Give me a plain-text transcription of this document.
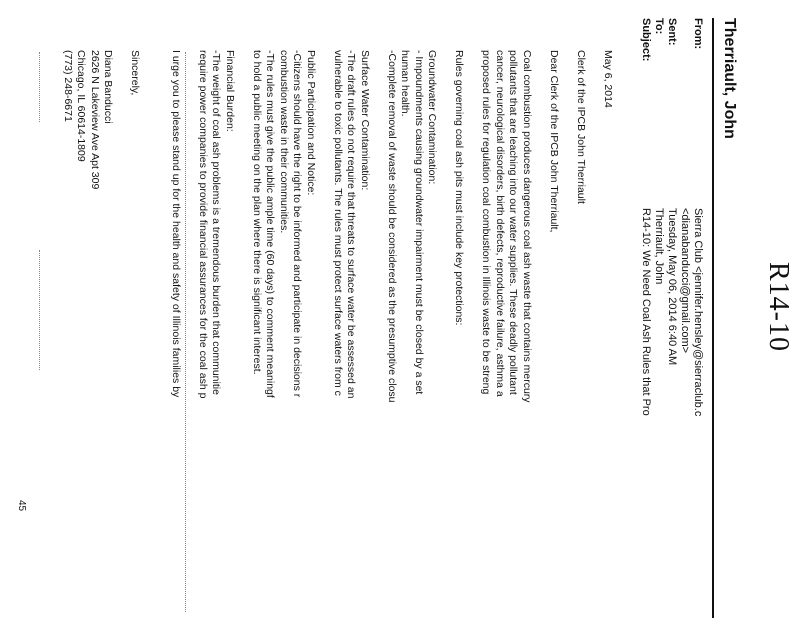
R14-10
Therriault, John
From:
Sierra Club <jennifer.hensley@sierraclub.c
<dianabanducci@gmail.com>
Sent:
Tuesday, May 06, 2014 6:40 AM
To:
Therriault, John
Subject:
R14-10: We Need Coal Ash Rules that Pro
May 6, 2014
Clerk of the IPCB John Therriault
Dear Clerk of the IPCB John Therriault,
Coal combustion produces dangerous coal ash waste that contains mercury
pollutants that are leaching into our water supplies. These deadly pollutant
cancer, neurological disorders, birth defects, reproductive failure, asthma a
proposed rules for regulation coal combustion in Illinois waste to be streng
Rules governing coal ash pits must include key protections:
Groundwater Contamination:
- Impoundments causing groundwater impairment must be closed by a set
human health.
-Complete removal of waste should be considered as the presumptive closu
Surface Water Contamination:
-The draft rules do not require that threats to surface water be assessed an
vulnerable to toxic pollutants. The rules must protect surface waters from c
Public Participation and Notice:
-Citizens should have the right to be informed and participate in decisions r
combustion waste in their communities.
-The rules must give the public ample time (60 days) to comment meaningf
to hold a public meeting on the plan where there is significant interest.
Financial Burden:
-The weight of coal ash problems is a tremendous burden that communitie
require power companies to provide financial assurances for the coal ash p
I urge you to please stand up for the health and safety of Illinois families by
Sincerely,
Diana Banducci
2626 N Lakeview Ave Apt 309
Chicago, IL 60614-1809
(773) 248-6671
45
